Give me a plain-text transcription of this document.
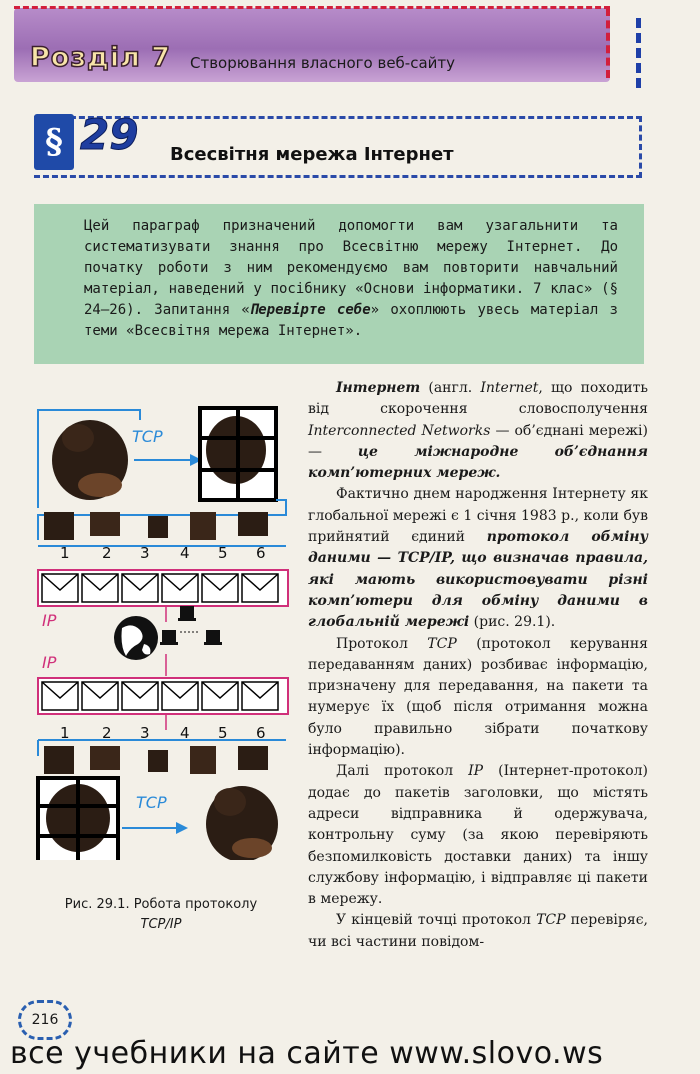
Розділ 7 Створювання власного веб-сайту
§ 29 Всесвітня мережа Інтернет
Цей параграф призначений допомогти вам узагальнити та систематизувати знання про Всесвітню мережу Інтернет. До початку роботи з ним рекомендуємо вам повторити навчальний матеріал, наведений у посібнику «Основи інформатики. 7 клас» (§ 24–26). Запитання «Перевірте себе» охоплюють увесь матеріал з теми «Всесвітня мережа Інтернет».
TCP
1 2 3 4 5 6
IP
IP
1 2 3 4 5 6
TCP
Рис. 29.1. Робота протоколу
TCP/IP

Інтернет (англ. Internet, що походить від скорочення словосполучення Interconnected Networks — об’єднані мережі) — це міжнародне об’єднання комп’ютерних мереж.

Фактично днем народження Інтернету як глобальної мережі є 1 січня 1983 р., коли був прийнятий єдиний протокол обміну даними — TCP/IP, що визначав правила, які мають використовувати різні комп’ютери для обміну даними в глобальній мережі (рис. 29.1).

Протокол TCP (протокол керування передаванням даних) розбиває інформацію, призначену для передавання, на пакети та нумерує їх (щоб після отримання можна було правильно зібрати початкову інформацію).

Далі протокол IP (Інтернет-протокол) додає до пакетів заголовки, що містять адреси відправника й одержувача, контрольну суму (за якою перевіряють безпомилковість доставки даних) та іншу службову інформацію, і відправляє ці пакети в мережу.

У кінцевій точці протокол TCP перевіряє, чи всі частини повідом-

216
все учебники на сайте www.slovo.ws
